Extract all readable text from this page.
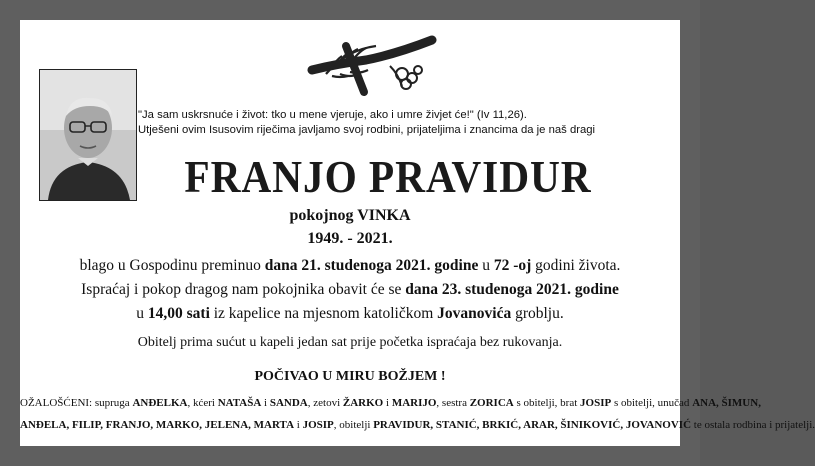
"Ja sam uskrsnuće i život: tko u mene vjeruje, ako i umre živjet će!" (Iv 11,26).
Utješeni ovim Isusovim riječima javljamo svoj rodbini, prijateljima i znancima da je naš dragi
FRANJO PRAVIDUR
pokojnog VINKA
1949. - 2021.
blago u Gospodinu preminuo dana 21. studenoga 2021. godine u 72 -oj godini života.
Ispraćaj i pokop dragog nam pokojnika obavit će se dana 23. studenoga 2021. godine
u 14,00 sati iz kapelice na mjesnom katoličkom Jovanovića groblju.
Obitelj prima sućut u kapeli jedan sat prije početka ispraćaja bez rukovanja.
POČIVAO U MIRU BOŽJEM !
OŽALOŠĆENI: supruga ANĐELKA, kćeri NATAŠA i SANDA, zetovi ŽARKO i MARIJO, sestra ZORICA s obitelji, brat JOSIP s obitelji, unučad ANA, ŠIMUN,
ANĐELA, FILIP, FRANJO, MARKO, JELENA, MARTA i JOSIP, obitelji PRAVIDUR, STANIĆ, BRKIĆ, ARAR, ŠINIKOVIĆ, JOVANOVIĆ te ostala rodbina i prijatelji.
